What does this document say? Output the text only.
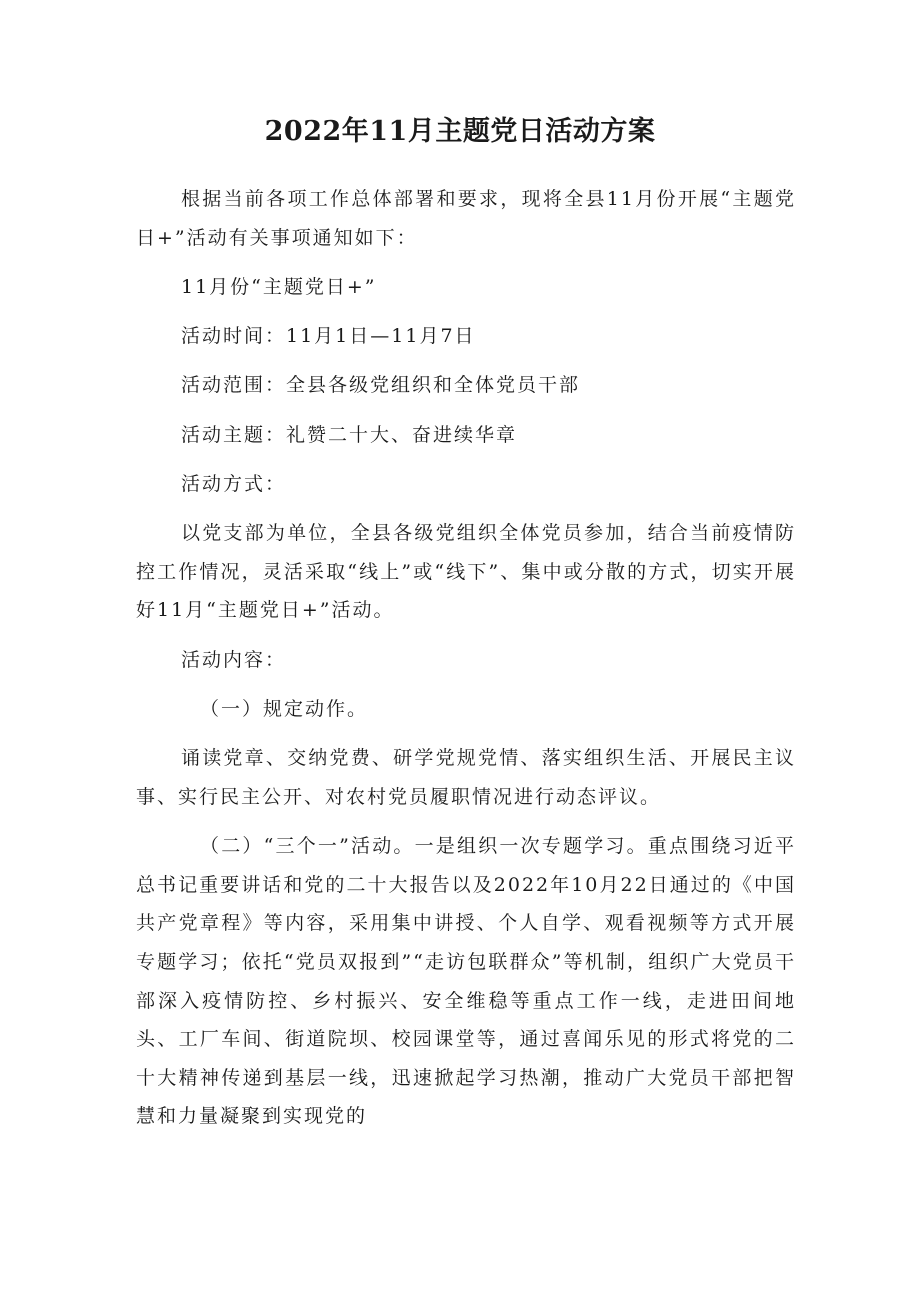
2022年11月主题党日活动方案

根据当前各项工作总体部署和要求，现将全县11月份开展“主题党日+”活动有关事项通知如下：

11月份“主题党日+”

活动时间：11月1日—11月7日

活动范围：全县各级党组织和全体党员干部

活动主题：礼赞二十大、奋进续华章

活动方式：

以党支部为单位，全县各级党组织全体党员参加，结合当前疫情防控工作情况，灵活采取“线上”或“线下”、集中或分散的方式，切实开展好11月“主题党日+”活动。

活动内容：

（一）规定动作。

诵读党章、交纳党费、研学党规党情、落实组织生活、开展民主议事、实行民主公开、对农村党员履职情况进行动态评议。

（二）“三个一”活动。一是组织一次专题学习。重点围绕习近平总书记重要讲话和党的二十大报告以及2022年10月22日通过的《中国共产党章程》等内容，采用集中讲授、个人自学、观看视频等方式开展专题学习；依托“党员双报到”“走访包联群众”等机制，组织广大党员干部深入疫情防控、乡村振兴、安全维稳等重点工作一线，走进田间地头、工厂车间、街道院坝、校园课堂等，通过喜闻乐见的形式将党的二十大精神传递到基层一线，迅速掀起学习热潮，推动广大党员干部把智慧和力量凝聚到实现党的
